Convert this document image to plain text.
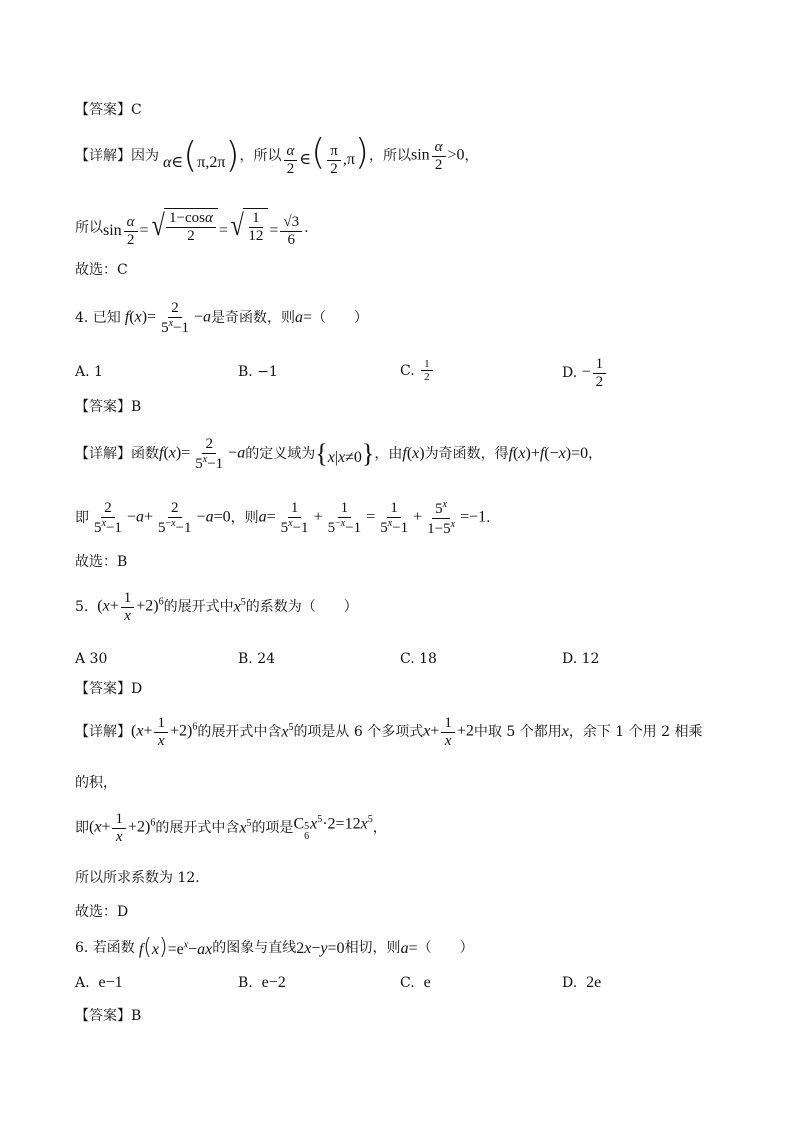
【答案】C
【详解】 因为 α∈(π,2π) ，所以 $\frac{\alpha}{2}$ ∈( $\frac{\pi}{2} ,\pi$) ，所以 $\sin \frac{\alpha}{2} >0$ ，
所以 $\sin \frac{\alpha}{2}$ = √ $\frac{1-\cos\alpha}{2}$ = √ $\frac{1}{12} = \frac{√3}{6}$ .
故选：C
4. 已知 $f(x)= \frac{2}{5^x-1} -a$ 是奇函数，则 a = （　　）
A. 1	B. −1	C.
$\frac{1}{2}$	D.
− $\frac{1}{2}$
【答案】B
【详解】 函数 $f(x)= \frac{2}{5^x-1} -a$ 的定义域为 {x|x≠0} ，由 f(x) 为奇函数，得 f(x)+f(−x)=0 ，
即 $\frac{2}{5^x-1} -a+ \frac{2}{5^{-x}-1} -a=0$ ，则 $a= \frac{1}{5^x-1} + \frac{1}{5^{-x}-1} = \frac{1}{5^x-1} + \frac{5^x}{1-5^x} =-1$ .
故选：B
5.
$(x+ \frac{1}{x} +2)^6$ 的展开式中 $x^5$ 的系数为（　　）
A 30	B. 24	C. 18	D. 12
【答案】D
【详解】 $(x+ \frac{1}{x} +2)^6$ 的展开式中含 $x^5$ 的项是从 6 个多项式 $x+ \frac{1}{x} +2$ 中取 5 个都用 x ，余下 1 个用 2 相乘
的积，
即 $(x+ \frac{1}{x} +2)^6$ 的展开式中含 $x^5$ 的项是 C 5
6
$x^5\cdot 2=12x^5$ ，
所以所求系数为 12.
故选：D
6. 若函数 $f(x)=e^x-ax$ 的图象与直线 2x−y=0 相切，则 a= （　　）
A.
e−1	B.
e−2	C.
e	D.
2e
【答案】B
